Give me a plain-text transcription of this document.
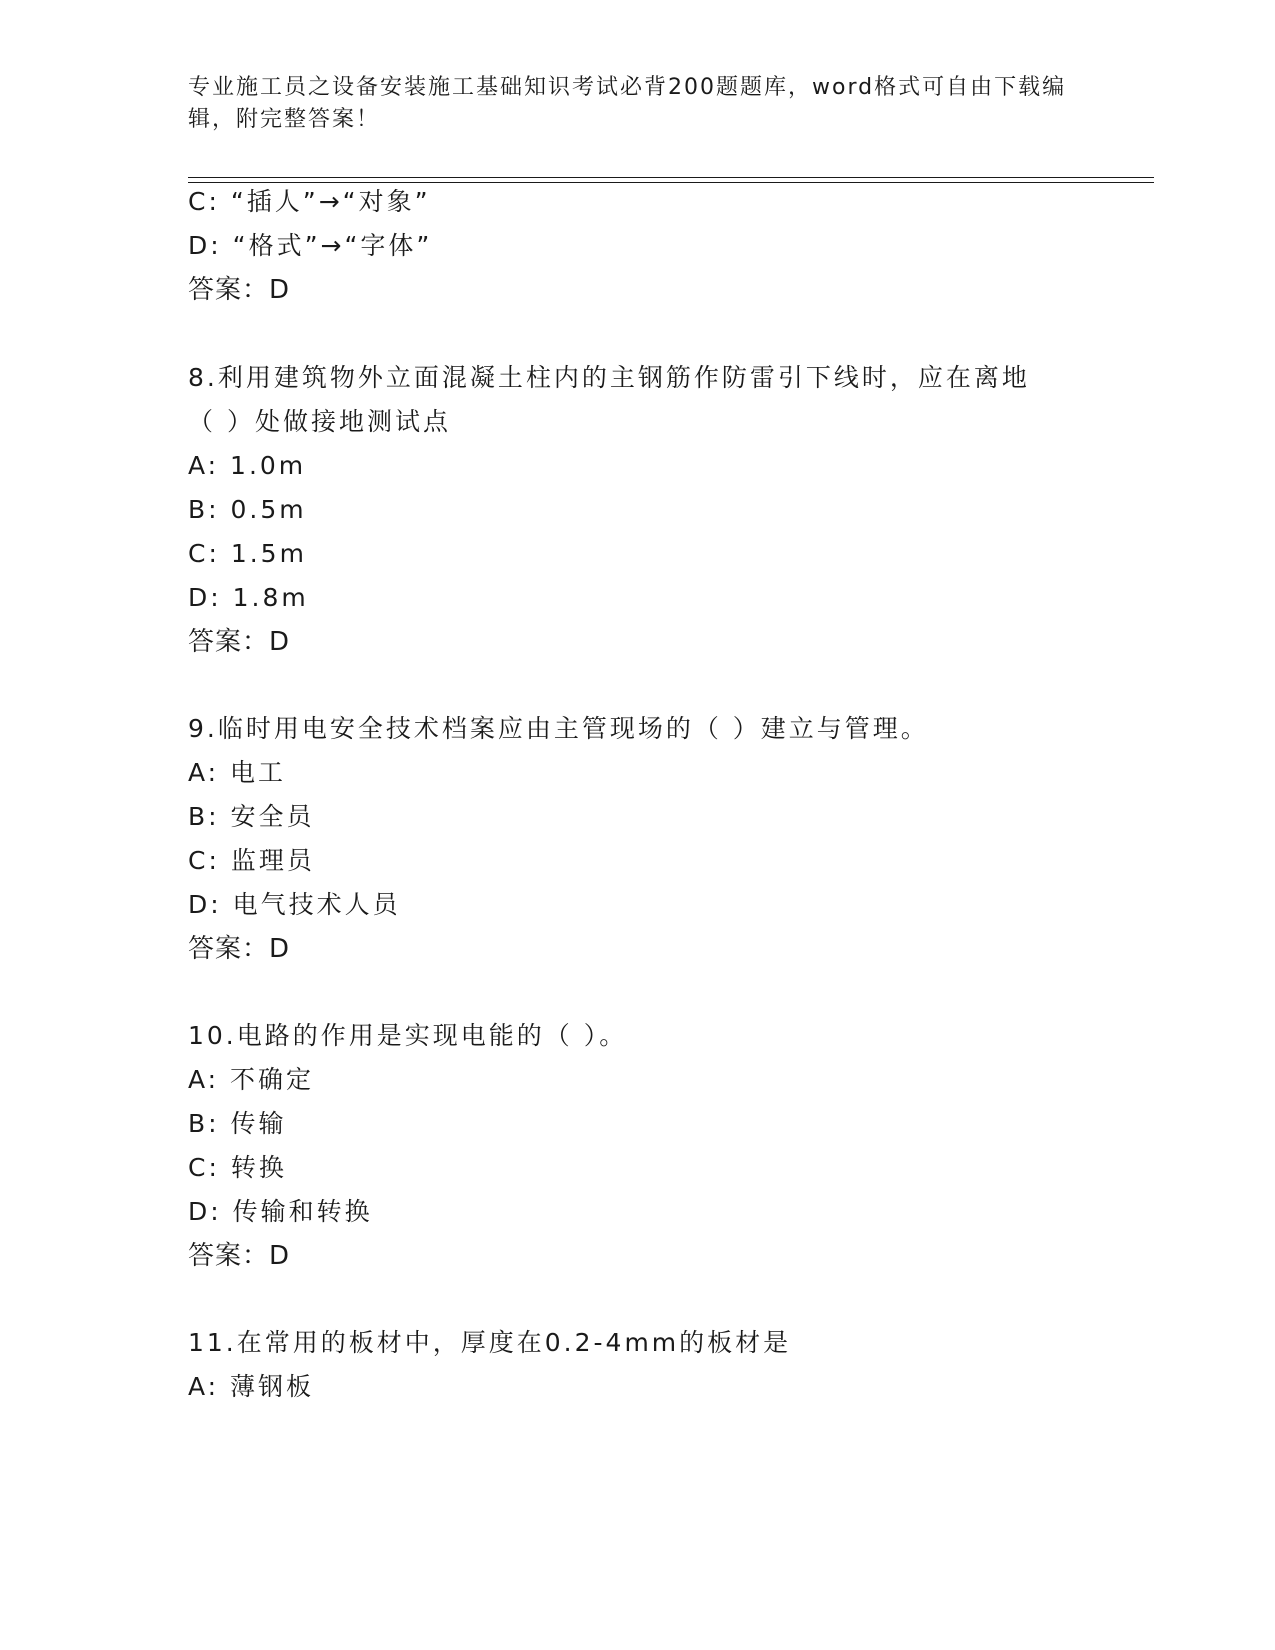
专业施工员之设备安装施工基础知识考试必背200题题库，word格式可自由下载编辑，附完整答案！
C: “插人”→“对象”
D: “格式”→“字体”
答案：D
8.利用建筑物外立面混凝土柱内的主钢筋作防雷引下线时，应在离地
（ ）处做接地测试点
A: 1.0m
B: 0.5m
C: 1.5m
D: 1.8m
答案：D
9.临时用电安全技术档案应由主管现场的（ ）建立与管理。
A: 电工
B: 安全员
C: 监理员
D: 电气技术人员
答案：D
10.电路的作用是实现电能的（ ）。
A: 不确定
B: 传输
C: 转换
D: 传输和转换
答案：D
11.在常用的板材中，厚度在0.2-4mm的板材是
A: 薄钢板
